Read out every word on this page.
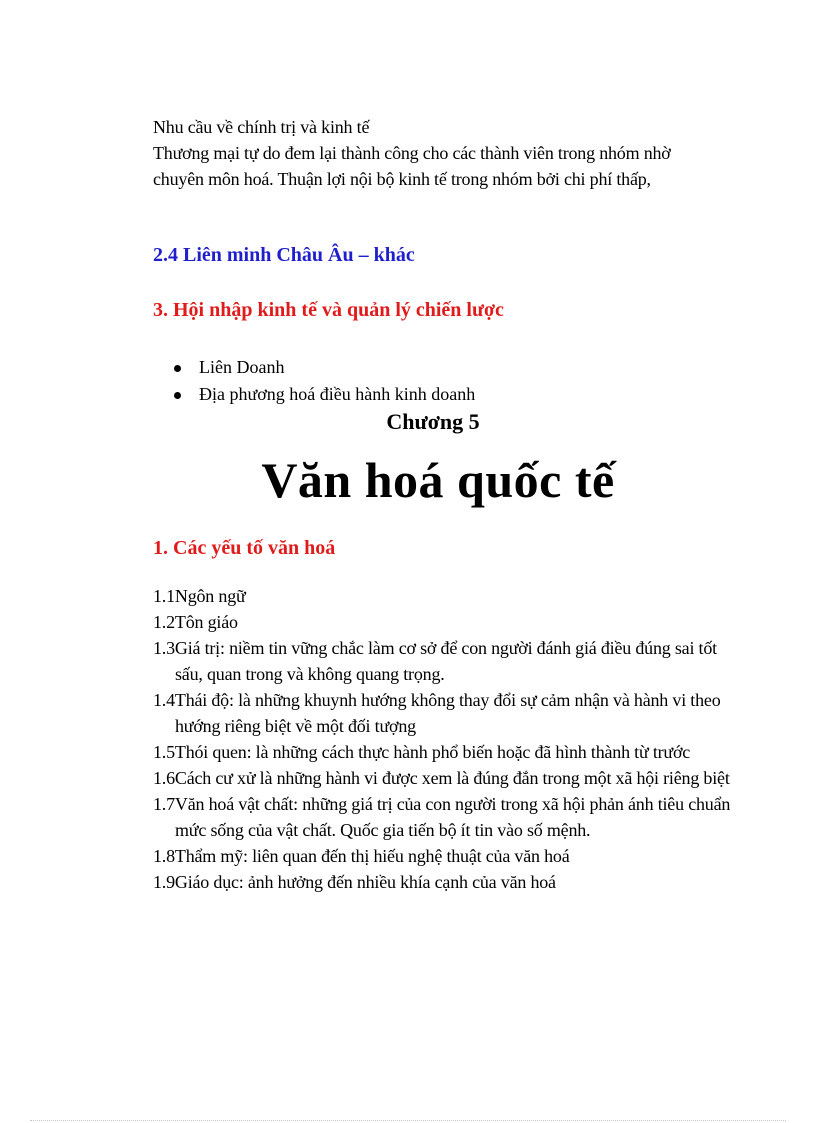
Nhu cầu về chính trị và kinh tế

Thương mại tự do đem lại thành công cho các thành viên trong nhóm nhờ chuyên môn hoá. Thuận lợi nội bộ kinh tế trong nhóm bởi chi phí thấp,

2.4 Liên minh Châu Âu – khác
3. Hội nhập kinh tế và quản lý chiến lược
Liên Doanh
Địa phương hoá điều hành kinh doanh
Chương 5
Văn hoá quốc tế
1. Các yếu tố văn hoá
1.1Ngôn ngữ
1.2Tôn giáo
1.3Giá trị: niềm tin vững chắc làm cơ sở để con người đánh giá điều đúng sai tốt sấu, quan trong và không quang trọng.
1.4Thái độ: là những khuynh hướng không thay đổi sự cảm nhận và hành vi theo hướng riêng biệt về một đối tượng
1.5Thói quen: là những cách thực hành phổ biến hoặc đã hình thành từ trước
1.6Cách cư xử là những hành vi được xem là đúng đắn trong một xã hội riêng biệt
1.7Văn hoá vật chất: những giá trị của con người trong xã hội phản ánh tiêu chuẩn mức sống của vật chất. Quốc gia tiến bộ ít tin vào số mệnh.
1.8Thẩm mỹ: liên quan đến thị hiếu nghệ thuật của văn hoá
1.9Giáo dục: ảnh hưởng đến nhiều khía cạnh của văn hoá
